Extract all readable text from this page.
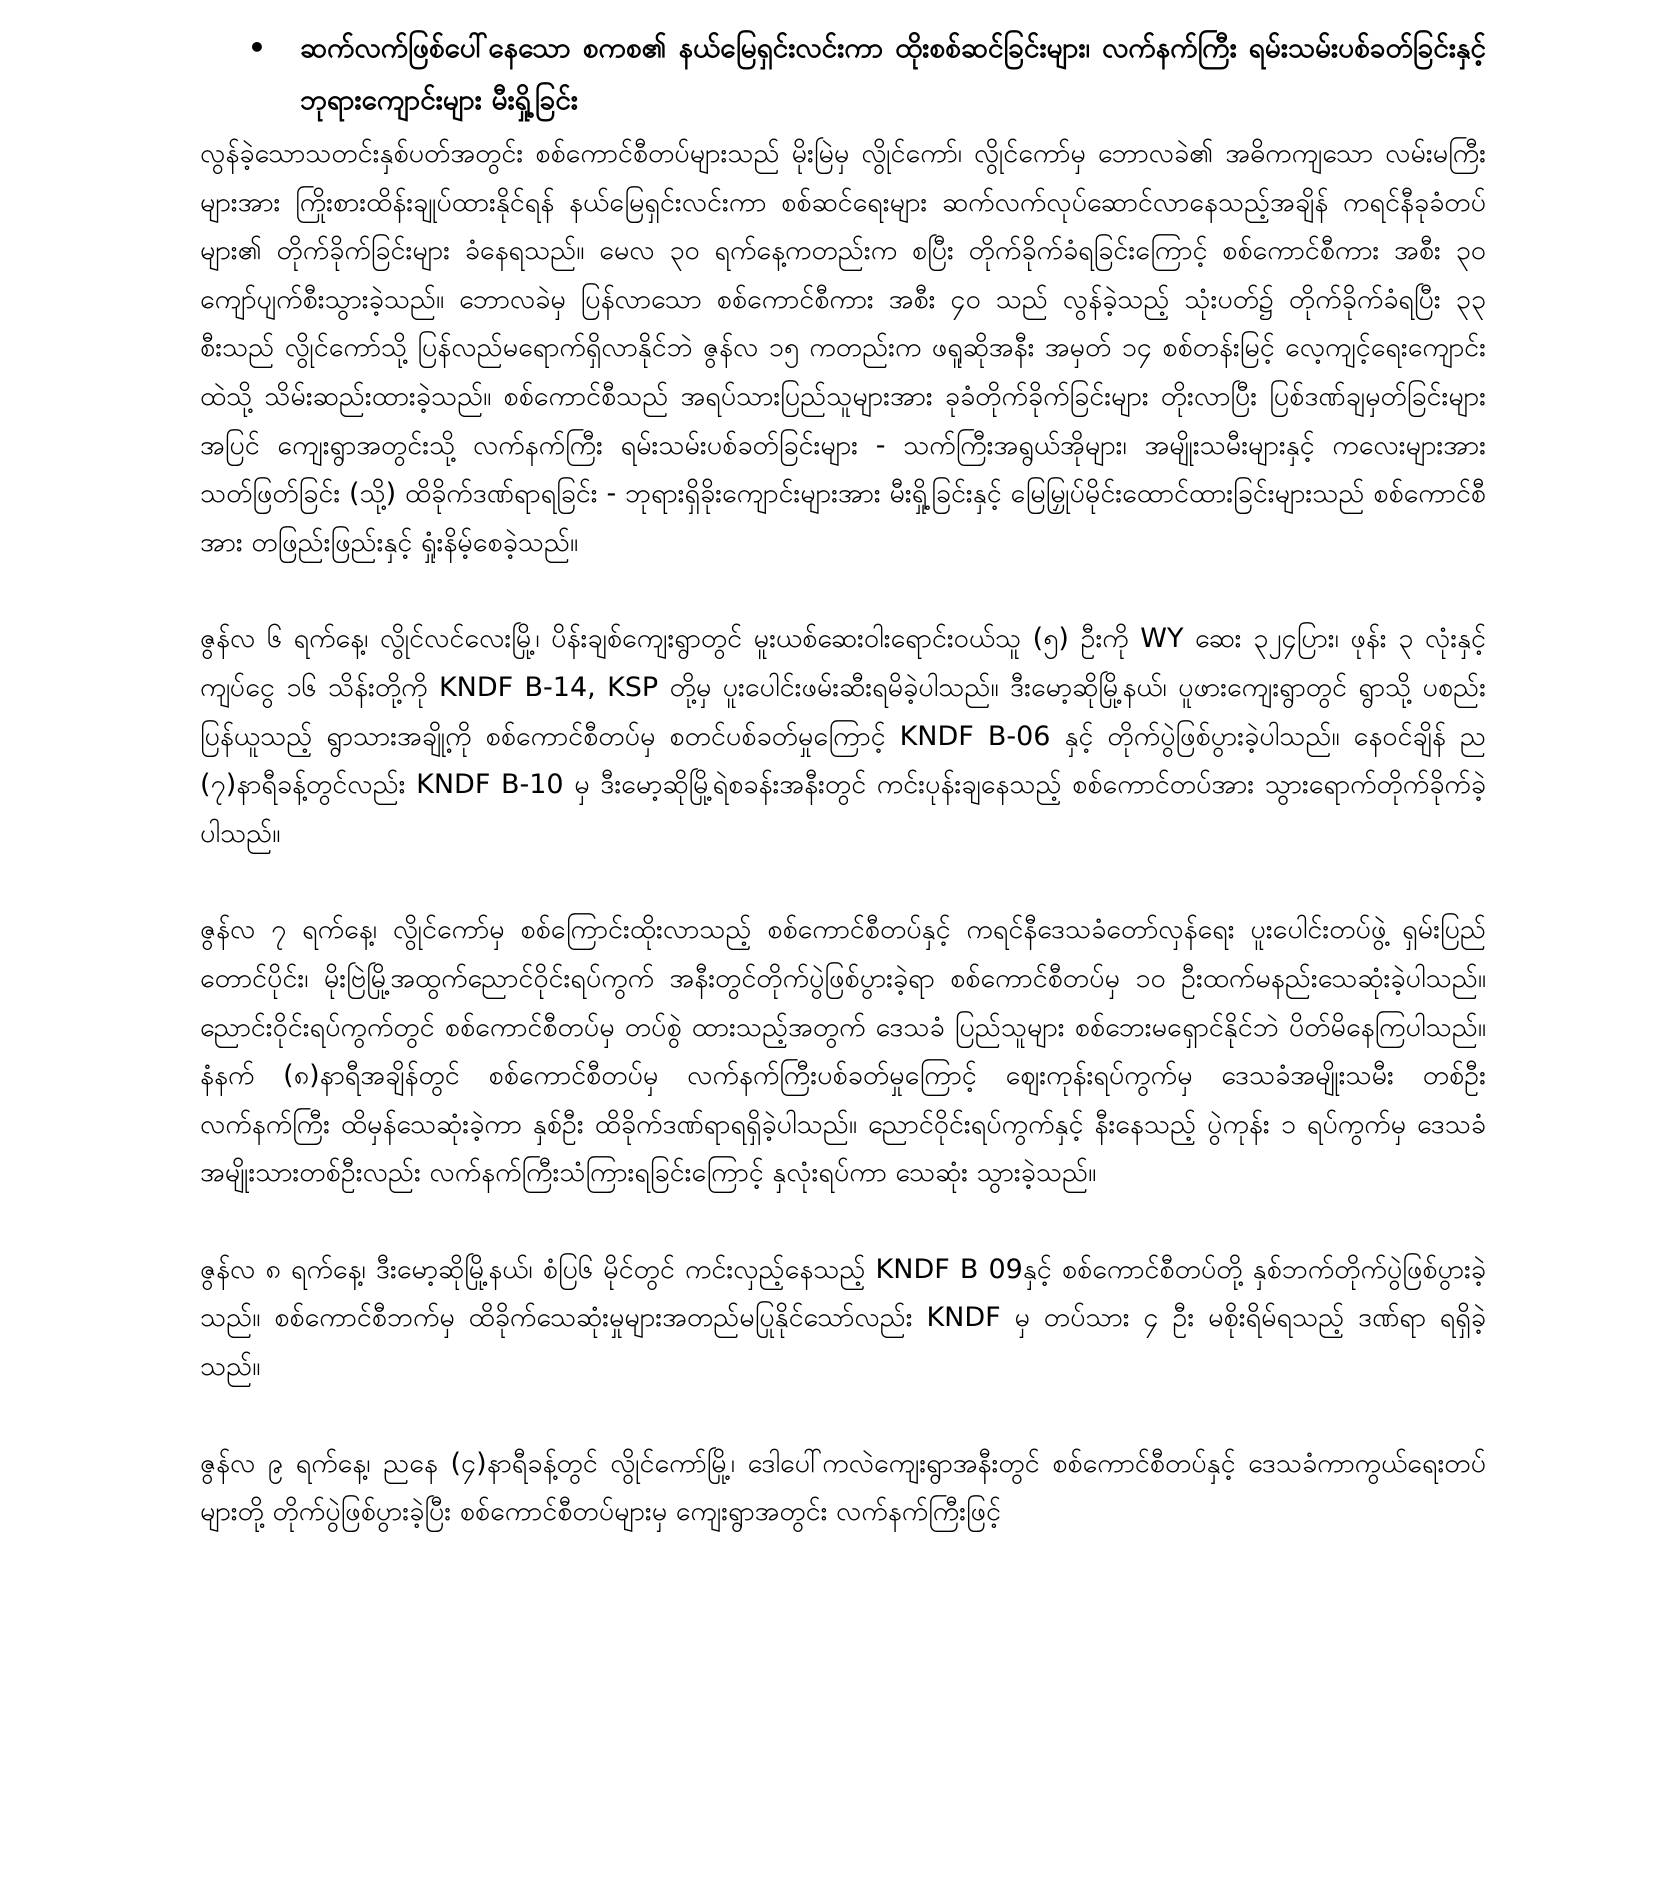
• ဆက်လက်ဖြစ်ပေါ်နေသော စကစ၏ နယ်မြေရှင်းလင်းကာ ထိုးစစ်ဆင်ခြင်းများ၊ လက်နက်ကြီး ရမ်းသမ်းပစ်ခတ်ခြင်းနှင့် ဘုရားကျောင်းများ မီးရှို့ခြင်း

လွန်ခဲ့သောသတင်းနှစ်ပတ်အတွင်း စစ်ကောင်စီတပ်များသည် မိုးမြဲမှ လွိုင်ကော်၊ လွိုင်ကော်မှ ဘောလခဲ၏ အဓိကကျသော လမ်းမကြီးများအား ကြိုးစားထိန်းချုပ်ထားနိုင်ရန် နယ်မြေရှင်းလင်းကာ စစ်ဆင်ရေးများ ဆက်လက်လုပ်ဆောင်လာနေသည့်အချိန် ကရင်နီခုခံတပ်များ၏ တိုက်ခိုက်ခြင်းများ ခံနေရသည်။ မေလ ၃၀ ရက်နေ့ကတည်းက စပြီး တိုက်ခိုက်ခံရခြင်းကြောင့် စစ်ကောင်စီကား အစီး ၃၀ ကျော်ပျက်စီးသွားခဲ့သည်။ ဘောလခဲမှ ပြန်လာသော စစ်ကောင်စီကား အစီး ၄၀ သည် လွန်ခဲ့သည့် သုံးပတ်၌ တိုက်ခိုက်ခံရပြီး ၃၃ စီးသည် လွိုင်ကော်သို့ ပြန်လည်မရောက်ရှိလာနိုင်ဘဲ ဇွန်လ ၁၅ ကတည်းက ဖရူဆိုအနီး အမှတ် ၁၄ စစ်တန်းမြင့် လေ့ကျင့်ရေးကျောင်း ထဲသို့ သိမ်းဆည်းထားခဲ့သည်။ စစ်ကောင်စီသည် အရပ်သားပြည်သူများအား ခုခံတိုက်ခိုက်ခြင်းများ တိုးလာပြီး ပြစ်ဒဏ်ချမှတ်ခြင်းများအပြင် ကျေးရွာအတွင်းသို့ လက်နက်ကြီး ရမ်းသမ်းပစ်ခတ်ခြင်းများ - သက်ကြီးအရွယ်အိုများ၊ အမျိုးသမီးများနှင့် ကလေးများအား သတ်ဖြတ်ခြင်း (သို့) ထိခိုက်ဒဏ်ရာရခြင်း - ဘုရားရှိခိုးကျောင်းများအား မီးရှို့ခြင်းနှင့် မြေမြှုပ်မိုင်းထောင်ထားခြင်းများသည် စစ်ကောင်စီအား တဖြည်းဖြည်းနှင့် ရှုံးနိမ့်စေခဲ့သည်။

ဇွန်လ ၆ ရက်နေ့၊ လွိုင်လင်လေးမြို့၊ ပိန်းချစ်ကျေးရွာတွင် မူးယစ်ဆေးဝါးရောင်းဝယ်သူ (၅) ဦးကို WY ဆေး ၃၂၄ပြား၊ ဖုန်း ၃ လုံးနှင့် ကျပ်ငွေ ၁၆ သိန်းတို့ကို KNDF B-14, KSP တို့မှ ပူးပေါင်းဖမ်းဆီးရမိခဲ့ပါသည်။ ဒီးမော့ဆိုမြို့နယ်၊ ပူဖားကျေးရွာတွင် ရွာသို့ ပစည်းပြန်ယူသည့် ရွာသားအချို့ကို စစ်ကောင်စီတပ်မှ စတင်ပစ်ခတ်မှုကြောင့် KNDF B-06 နှင့် တိုက်ပွဲဖြစ်ပွားခဲ့ပါသည်။ နေဝင်ချိန် ည (၇)နာရီခန့်တွင်လည်း KNDF B-10 မှ ဒီးမော့ဆိုမြို့ရဲစခန်းအနီးတွင် ကင်းပုန်းချနေသည့် စစ်ကောင်တပ်အား သွားရောက်တိုက်ခိုက်ခဲ့ပါသည်။

ဇွန်လ ၇ ရက်နေ့၊ လွိုင်ကော်မှ စစ်ကြောင်းထိုးလာသည့် စစ်ကောင်စီတပ်နှင့် ကရင်နီဒေသခံတော်လှန်ရေး ပူးပေါင်းတပ်ဖွဲ့ ရှမ်းပြည်တောင်ပိုင်း၊ မိုးဗြဲမြို့အထွက်ညောင်ဝိုင်းရပ်ကွက် အနီးတွင်တိုက်ပွဲဖြစ်ပွားခဲ့ရာ စစ်ကောင်စီတပ်မှ ၁၀ ဦးထက်မနည်းသေဆုံးခဲ့ပါသည်။ ညောင်းဝိုင်းရပ်ကွက်တွင် စစ်ကောင်စီတပ်မှ တပ်စွဲ ထားသည့်အတွက် ဒေသခံ ပြည်သူများ စစ်ဘေးမရှောင်နိုင်ဘဲ ပိတ်မိနေကြပါသည်။ နံနက် (၈)နာရီအချိန်တွင် စစ်ကောင်စီတပ်မှ လက်နက်ကြီးပစ်ခတ်မှုကြောင့် ဈေးကုန်းရပ်ကွက်မှ ဒေသခံအမျိုးသမီး တစ်ဦး လက်နက်ကြီး ထိမှန်သေဆုံးခဲ့ကာ နှစ်ဦး ထိခိုက်ဒဏ်ရာရရှိခဲ့ပါသည်။ ညောင်ဝိုင်းရပ်ကွက်နှင့် နီးနေသည့် ပွဲကုန်း ၁ ရပ်ကွက်မှ ဒေသခံ အမျိုးသားတစ်ဦးလည်း လက်နက်ကြီးသံကြားရခြင်းကြောင့် နှလုံးရပ်ကာ သေဆုံး သွားခဲ့သည်။

ဇွန်လ ၈ ရက်နေ့၊ ဒီးမော့ဆိုမြို့နယ်၊ စံပြ၆ မိုင်တွင် ကင်းလှည့်နေသည့် KNDF B 09နှင့် စစ်ကောင်စီတပ်တို့ နှစ်ဘက်တိုက်ပွဲဖြစ်ပွားခဲ့သည်။ စစ်ကောင်စီဘက်မှ ထိခိုက်သေဆုံးမှုများအတည်မပြုနိုင်သော်လည်း KNDF မှ တပ်သား ၄ ဦး မစိုးရိမ်ရသည့် ဒဏ်ရာ ရရှိခဲ့သည်။

ဇွန်လ ၉ ရက်နေ့၊ ညနေ (၄)နာရီခန့်တွင် လွိုင်ကော်မြို့၊ ဒေါပေါ်ကလဲကျေးရွာအနီးတွင် စစ်ကောင်စီတပ်နှင့် ဒေသခံကာကွယ်ရေးတပ်များတို့ တိုက်ပွဲဖြစ်ပွားခဲ့ပြီး စစ်ကောင်စီတပ်များမှ ကျေးရွာအတွင်း လက်နက်ကြီးဖြင့်
